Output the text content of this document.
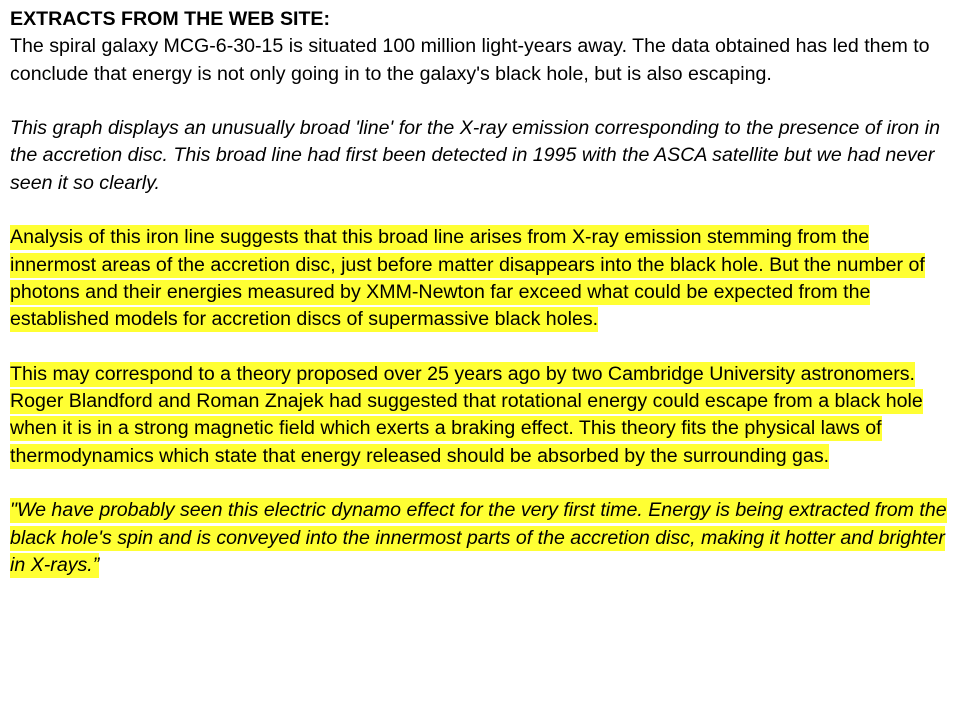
EXTRACTS FROM THE WEB SITE:

The spiral galaxy MCG-6-30-15 is situated 100 million light-years away. The data obtained has led them to conclude that energy is not only going in to the galaxy's black hole, but is also escaping.

This graph displays an unusually broad 'line' for the X-ray emission corresponding to the presence of iron in the accretion disc. This broad line had first been detected in 1995 with the ASCA satellite but we had never seen it so clearly.

Analysis of this iron line suggests that this broad line arises from X-ray emission stemming from the innermost areas of the accretion disc, just before matter disappears into the black hole. But the number of photons and their energies measured by XMM-Newton far exceed what could be expected from the established models for accretion discs of supermassive black holes.

This may correspond to a theory proposed over 25 years ago by two Cambridge University astronomers. Roger Blandford and Roman Znajek had suggested that rotational energy could escape from a black hole when it is in a strong magnetic field which exerts a braking effect. This theory fits the physical laws of thermodynamics which state that energy released should be absorbed by the surrounding gas.

"We have probably seen this electric dynamo effect for the very first time. Energy is being extracted from the black hole's spin and is conveyed into the innermost parts of the accretion disc, making it hotter and brighter in X-rays.”
